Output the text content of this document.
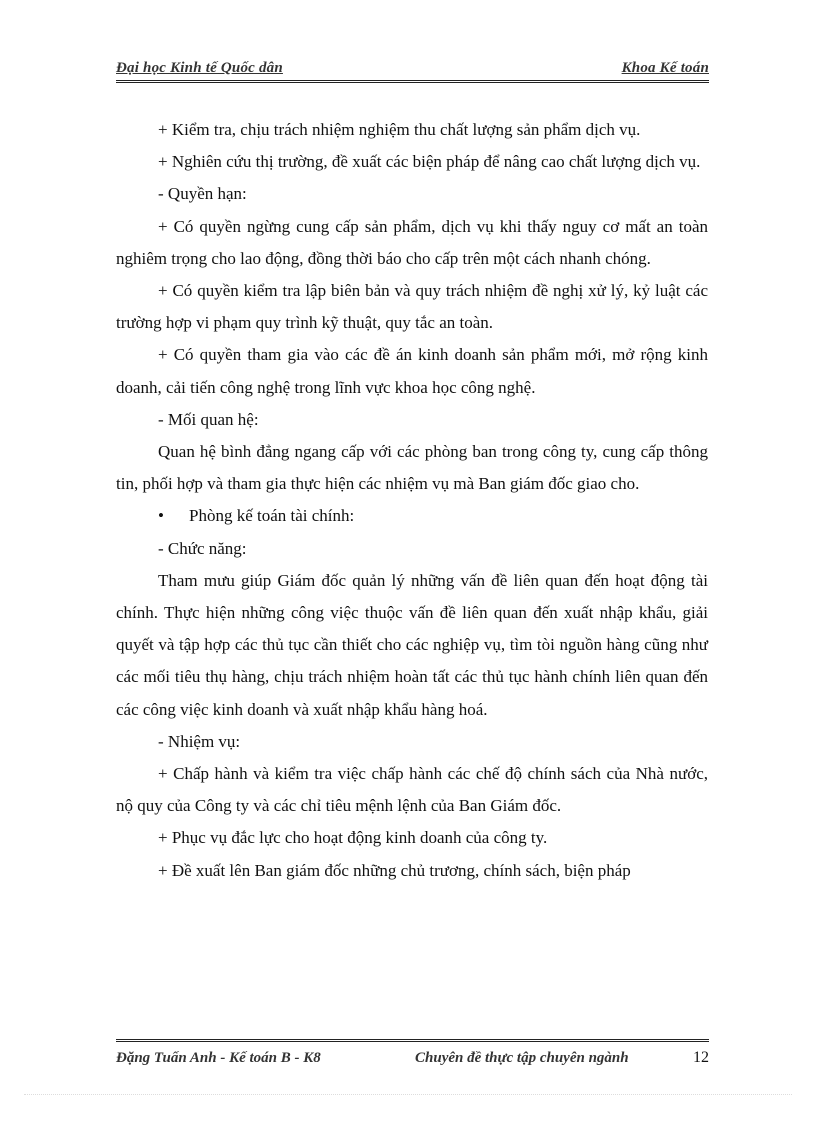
Đại học Kinh tế Quốc dân	Khoa Kế toán

+ Kiểm tra, chịu trách nhiệm nghiệm thu chất lượng sản phẩm dịch vụ.

+ Nghiên cứu thị trường, đề xuất các biện pháp để nâng cao chất lượng dịch vụ.

- Quyền hạn:

+ Có quyền ngừng cung cấp sản phẩm, dịch vụ khi thấy nguy cơ mất an toàn nghiêm trọng cho lao động, đồng thời báo cho cấp trên một cách nhanh chóng.

+ Có quyền kiểm tra lập biên bản và quy trách nhiệm đề nghị xử lý, kỷ luật các trường hợp vi phạm quy trình kỹ thuật, quy tắc an toàn.

+ Có quyền tham gia vào các đề án kinh doanh sản phẩm mới, mở rộng kinh doanh, cải tiến công nghệ trong lĩnh vực khoa học công nghệ.

- Mối quan hệ:

Quan hệ bình đẳng ngang cấp với các phòng ban trong công ty, cung cấp thông tin, phối hợp và tham gia thực hiện các nhiệm vụ mà Ban giám đốc giao cho.

• Phòng kế toán tài chính:

- Chức năng:

Tham mưu giúp Giám đốc quản lý những vấn đề liên quan đến hoạt động tài chính. Thực hiện những công việc thuộc vấn đề liên quan đến xuất nhập khẩu, giải quyết và tập hợp các thủ tục cần thiết cho các nghiệp vụ, tìm tòi nguồn hàng cũng như các mối tiêu thụ hàng, chịu trách nhiệm hoàn tất các thủ tục hành chính liên quan đến các công việc kinh doanh và xuất nhập khẩu hàng hoá.

- Nhiệm vụ:

+ Chấp hành và kiểm tra việc chấp hành các chế độ chính sách của Nhà nước, nộ quy của Công ty và các chỉ tiêu mệnh lệnh của Ban Giám đốc.

+ Phục vụ đắc lực cho hoạt động kinh doanh của công ty.

+ Đề xuất lên Ban giám đốc những chủ trương, chính sách, biện pháp

Đặng Tuấn Anh - Kế toán B - K8	Chuyên đề thực tập chuyên ngành	12
